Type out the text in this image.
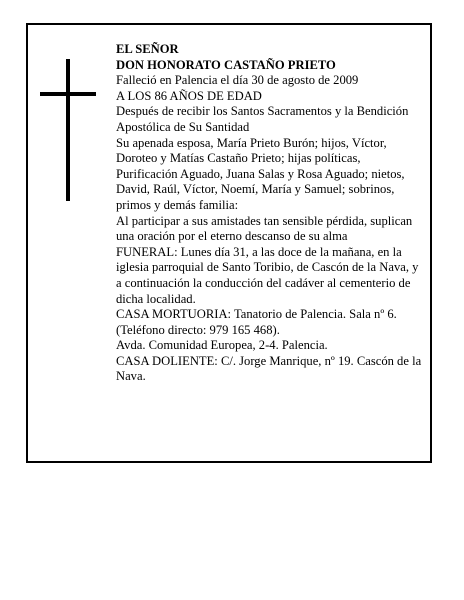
EL SEÑOR

DON HONORATO CASTAÑO PRIETO

Falleció en Palencia el día 30 de agosto de 2009

A LOS 86 AÑOS DE EDAD

Después de recibir los Santos Sacramentos y la Bendición Apostólica de Su Santidad

Su apenada esposa, María Prieto Burón; hijos, Víctor, Doroteo y Matías Castaño Prieto; hijas políticas, Purificación Aguado, Juana Salas y Rosa Aguado; nietos, David, Raúl, Víctor, Noemí, María y Samuel; sobrinos, primos y demás familia:

Al participar a sus amistades tan sensible pérdida, suplican una oración por el eterno descanso de su alma

FUNERAL: Lunes día 31, a las doce de la mañana, en la iglesia parroquial de Santo Toribio, de Cascón de la Nava, y a continuación la conducción del cadáver al cementerio de dicha localidad.

CASA MORTUORIA: Tanatorio de Palencia. Sala nº 6. (Teléfono directo: 979 165 468).

Avda. Comunidad Europea, 2-4. Palencia.

CASA DOLIENTE: C/. Jorge Manrique, nº 19. Cascón de la Nava.
